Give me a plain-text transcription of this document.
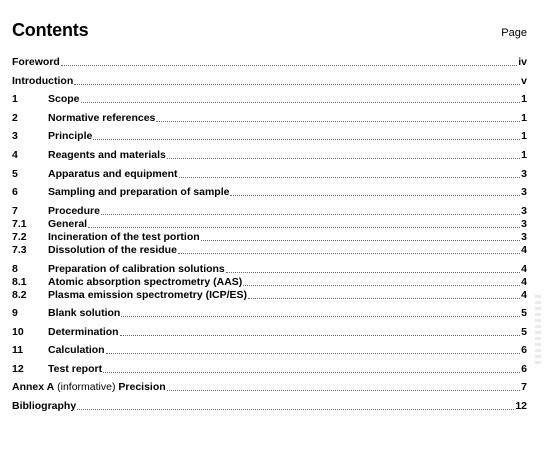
Contents	Page
Foreword	iv
Introduction	v
1	Scope	1
2	Normative references	1
3	Principle	1
4	Reagents and materials	1
5	Apparatus and equipment	3
6	Sampling and preparation of sample	3
7	Procedure	3
7.1	General	3
7.2	Incineration of the test portion	3
7.3	Dissolution of the residue	4
8	Preparation of calibration solutions	4
8.1	Atomic absorption spectrometry (AAS)	4
8.2	Plasma emission spectrometry (ICP/ES)	4
9	Blank solution	5
10	Determination	5
11	Calculation	6
12	Test report	6
Annex A (informative) Precision	7
Bibliography	12
